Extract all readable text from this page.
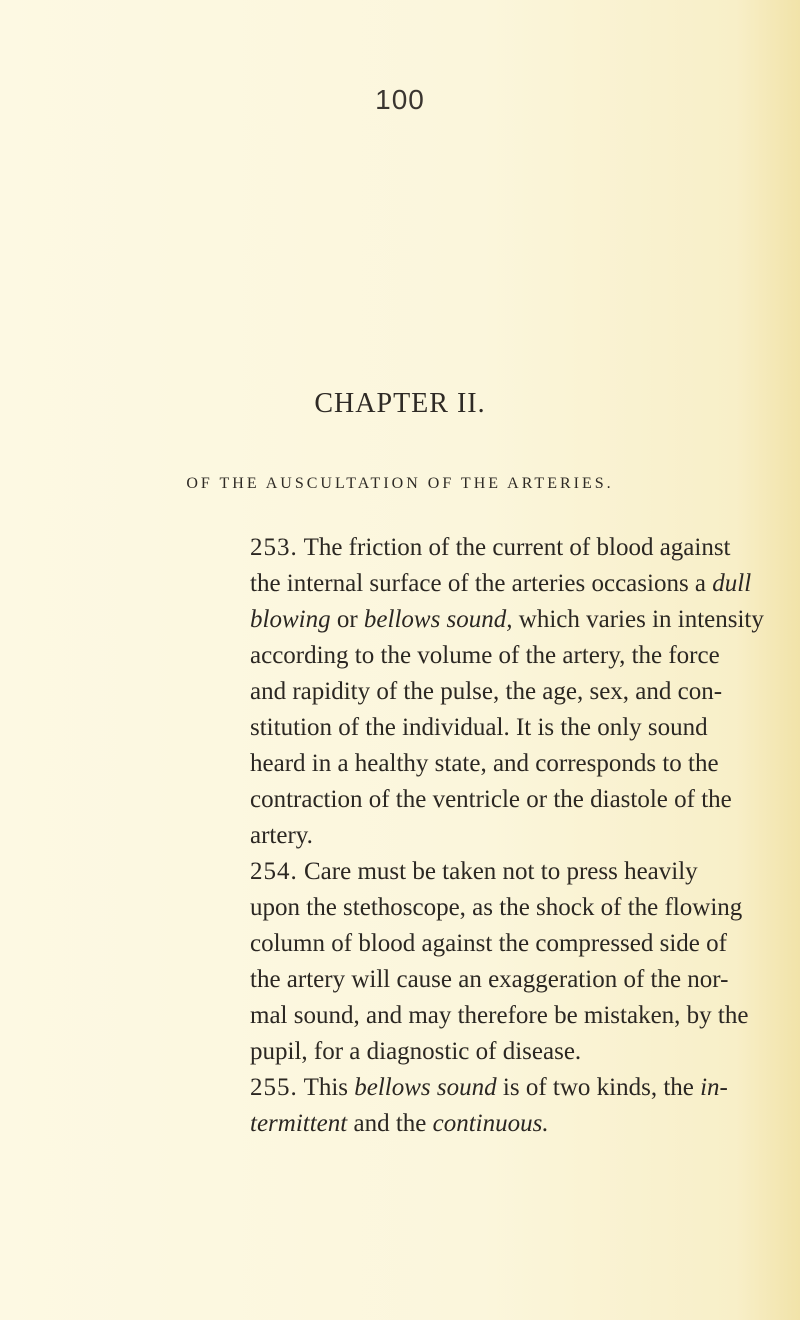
100
CHAPTER II.
OF THE AUSCULTATION OF THE ARTERIES.
253. The friction of the current of blood against
the internal surface of the arteries occasions a dull
blowing or bellows sound, which varies in intensity
according to the volume of the artery, the force
and rapidity of the pulse, the age, sex, and con-
stitution of the individual. It is the only sound
heard in a healthy state, and corresponds to the
contraction of the ventricle or the diastole of the
artery.
254. Care must be taken not to press heavily
upon the stethoscope, as the shock of the flowing
column of blood against the compressed side of
the artery will cause an exaggeration of the nor-
mal sound, and may therefore be mistaken, by the
pupil, for a diagnostic of disease.
255. This bellows sound is of two kinds, the in-
termittent and the continuous.
